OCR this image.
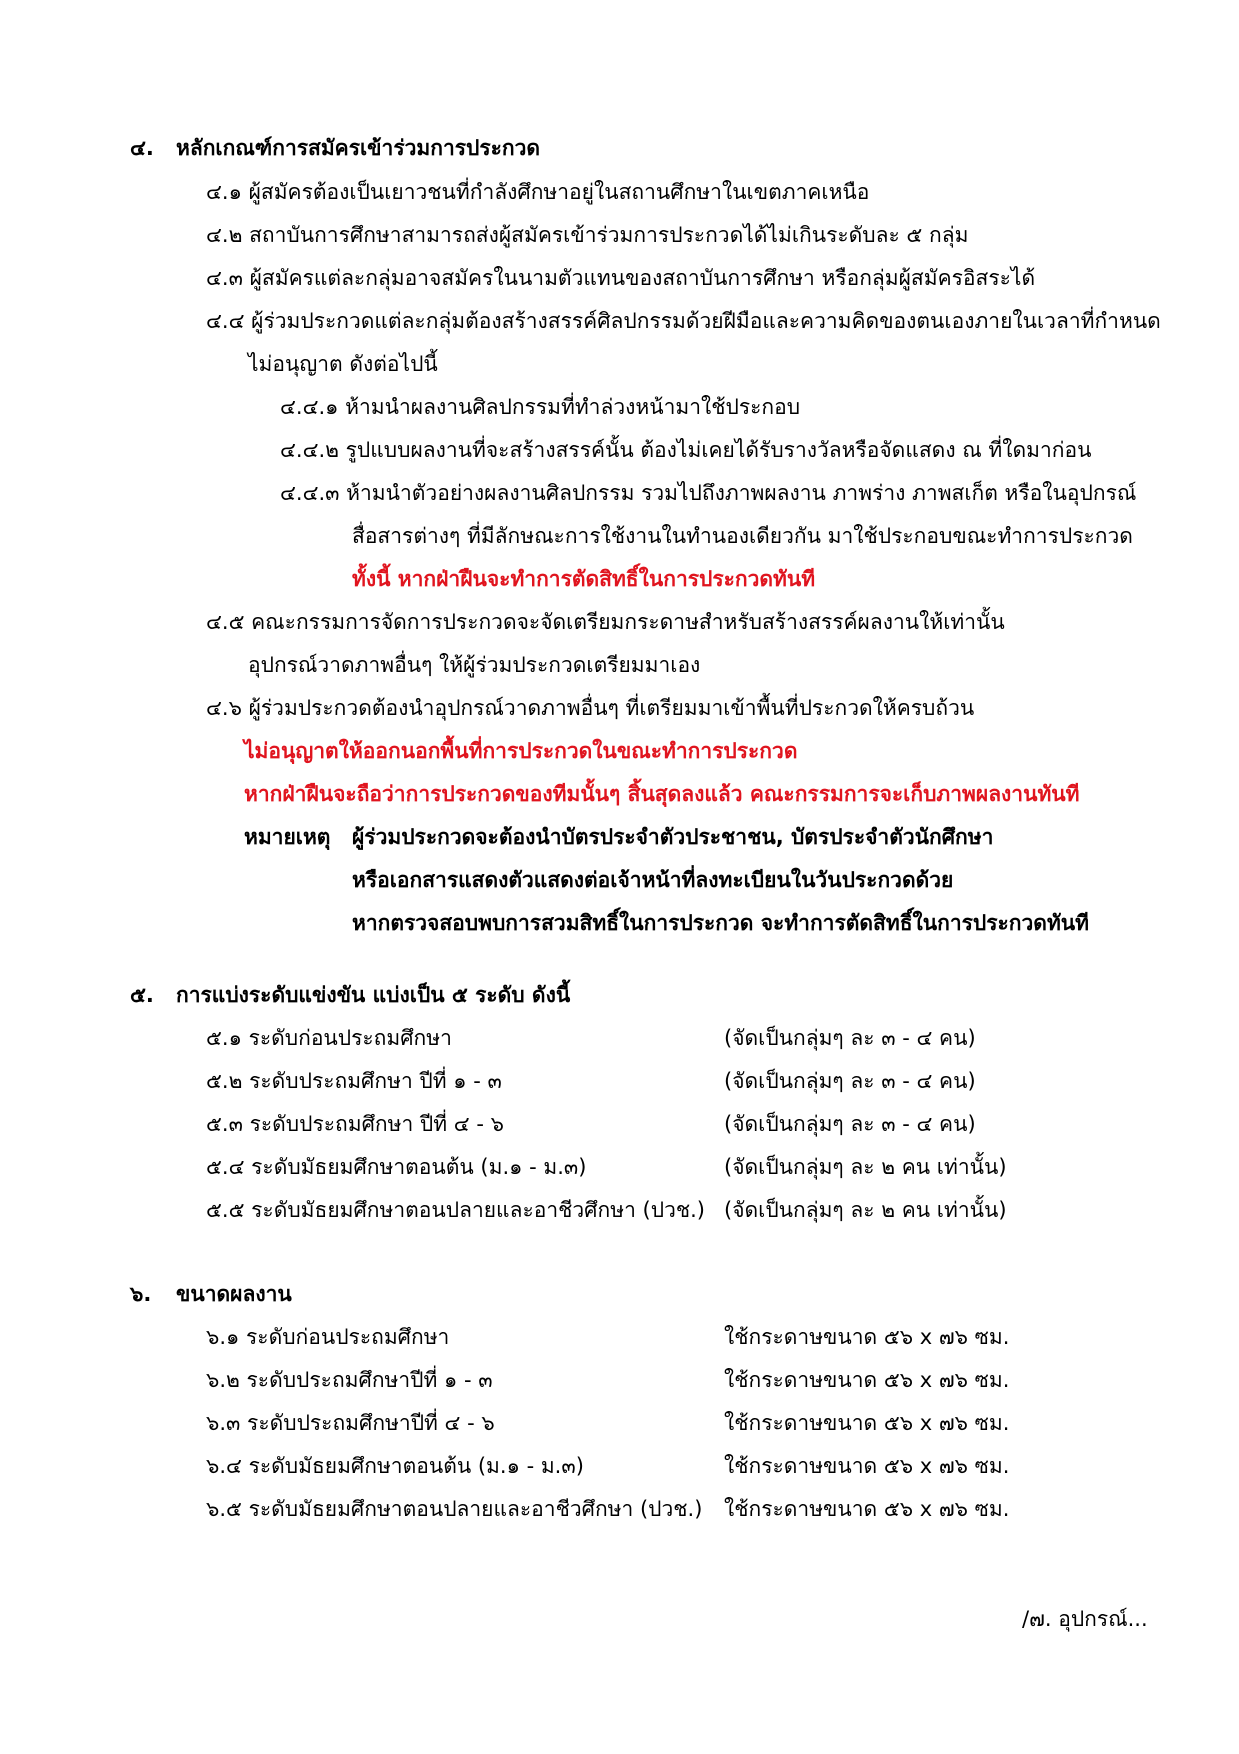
๔. หลักเกณฑ์การสมัครเข้าร่วมการประกวด
๔.๑ ผู้สมัครต้องเป็นเยาวชนที่กำลังศึกษาอยู่ในสถานศึกษาในเขตภาคเหนือ
๔.๒ สถาบันการศึกษาสามารถส่งผู้สมัครเข้าร่วมการประกวดได้ไม่เกินระดับละ ๕ กลุ่ม
๔.๓ ผู้สมัครแต่ละกลุ่มอาจสมัครในนามตัวแทนของสถาบันการศึกษา หรือกลุ่มผู้สมัครอิสระได้
๔.๔ ผู้ร่วมประกวดแต่ละกลุ่มต้องสร้างสรรค์ศิลปกรรมด้วยฝีมือและความคิดของตนเองภายในเวลาที่กำหนด
ไม่อนุญาต ดังต่อไปนี้
๔.๔.๑ ห้ามนำผลงานศิลปกรรมที่ทำล่วงหน้ามาใช้ประกอบ
๔.๔.๒ รูปแบบผลงานที่จะสร้างสรรค์นั้น ต้องไม่เคยได้รับรางวัลหรือจัดแสดง ณ ที่ใดมาก่อน
๔.๔.๓ ห้ามนำตัวอย่างผลงานศิลปกรรม รวมไปถึงภาพผลงาน ภาพร่าง ภาพสเก็ต หรือในอุปกรณ์
สื่อสารต่างๆ ที่มีลักษณะการใช้งานในทำนองเดียวกัน มาใช้ประกอบขณะทำการประกวด
ทั้งนี้ หากฝ่าฝืนจะทำการตัดสิทธิ์ในการประกวดทันที
๔.๕ คณะกรรมการจัดการประกวดจะจัดเตรียมกระดาษสำหรับสร้างสรรค์ผลงานให้เท่านั้น
อุปกรณ์วาดภาพอื่นๆ ให้ผู้ร่วมประกวดเตรียมมาเอง
๔.๖ ผู้ร่วมประกวดต้องนำอุปกรณ์วาดภาพอื่นๆ ที่เตรียมมาเข้าพื้นที่ประกวดให้ครบถ้วน
ไม่อนุญาตให้ออกนอกพื้นที่การประกวดในขณะทำการประกวด
หากฝ่าฝืนจะถือว่าการประกวดของทีมนั้นๆ สิ้นสุดลงแล้ว คณะกรรมการจะเก็บภาพผลงานทันที
หมายเหตุ ผู้ร่วมประกวดจะต้องนำบัตรประจำตัวประชาชน, บัตรประจำตัวนักศึกษา
หรือเอกสารแสดงตัวแสดงต่อเจ้าหน้าที่ลงทะเบียนในวันประกวดด้วย
หากตรวจสอบพบการสวมสิทธิ์ในการประกวด จะทำการตัดสิทธิ์ในการประกวดทันที
๕. การแบ่งระดับแข่งขัน แบ่งเป็น ๕ ระดับ ดังนี้
๕.๑ ระดับก่อนประถมศึกษา	(จัดเป็นกลุ่มๆ ละ ๓ - ๔ คน)
๕.๒ ระดับประถมศึกษา ปีที่ ๑ - ๓	(จัดเป็นกลุ่มๆ ละ ๓ - ๔ คน)
๕.๓ ระดับประถมศึกษา ปีที่ ๔ - ๖	(จัดเป็นกลุ่มๆ ละ ๓ - ๔ คน)
๕.๔ ระดับมัธยมศึกษาตอนต้น (ม.๑ - ม.๓)	(จัดเป็นกลุ่มๆ ละ ๒ คน เท่านั้น)
๕.๕ ระดับมัธยมศึกษาตอนปลายและอาชีวศึกษา (ปวช.) (จัดเป็นกลุ่มๆ ละ ๒ คน เท่านั้น)
๖. ขนาดผลงาน
๖.๑ ระดับก่อนประถมศึกษา	ใช้กระดาษขนาด ๕๖ x ๗๖ ซม.
๖.๒ ระดับประถมศึกษาปีที่ ๑ - ๓	ใช้กระดาษขนาด ๕๖ x ๗๖ ซม.
๖.๓ ระดับประถมศึกษาปีที่ ๔ - ๖	ใช้กระดาษขนาด ๕๖ x ๗๖ ซม.
๖.๔ ระดับมัธยมศึกษาตอนต้น (ม.๑ - ม.๓)	ใช้กระดาษขนาด ๕๖ x ๗๖ ซม.
๖.๕ ระดับมัธยมศึกษาตอนปลายและอาชีวศึกษา (ปวช.) ใช้กระดาษขนาด ๕๖ x ๗๖ ซม.
/๗. อุปกรณ์...
